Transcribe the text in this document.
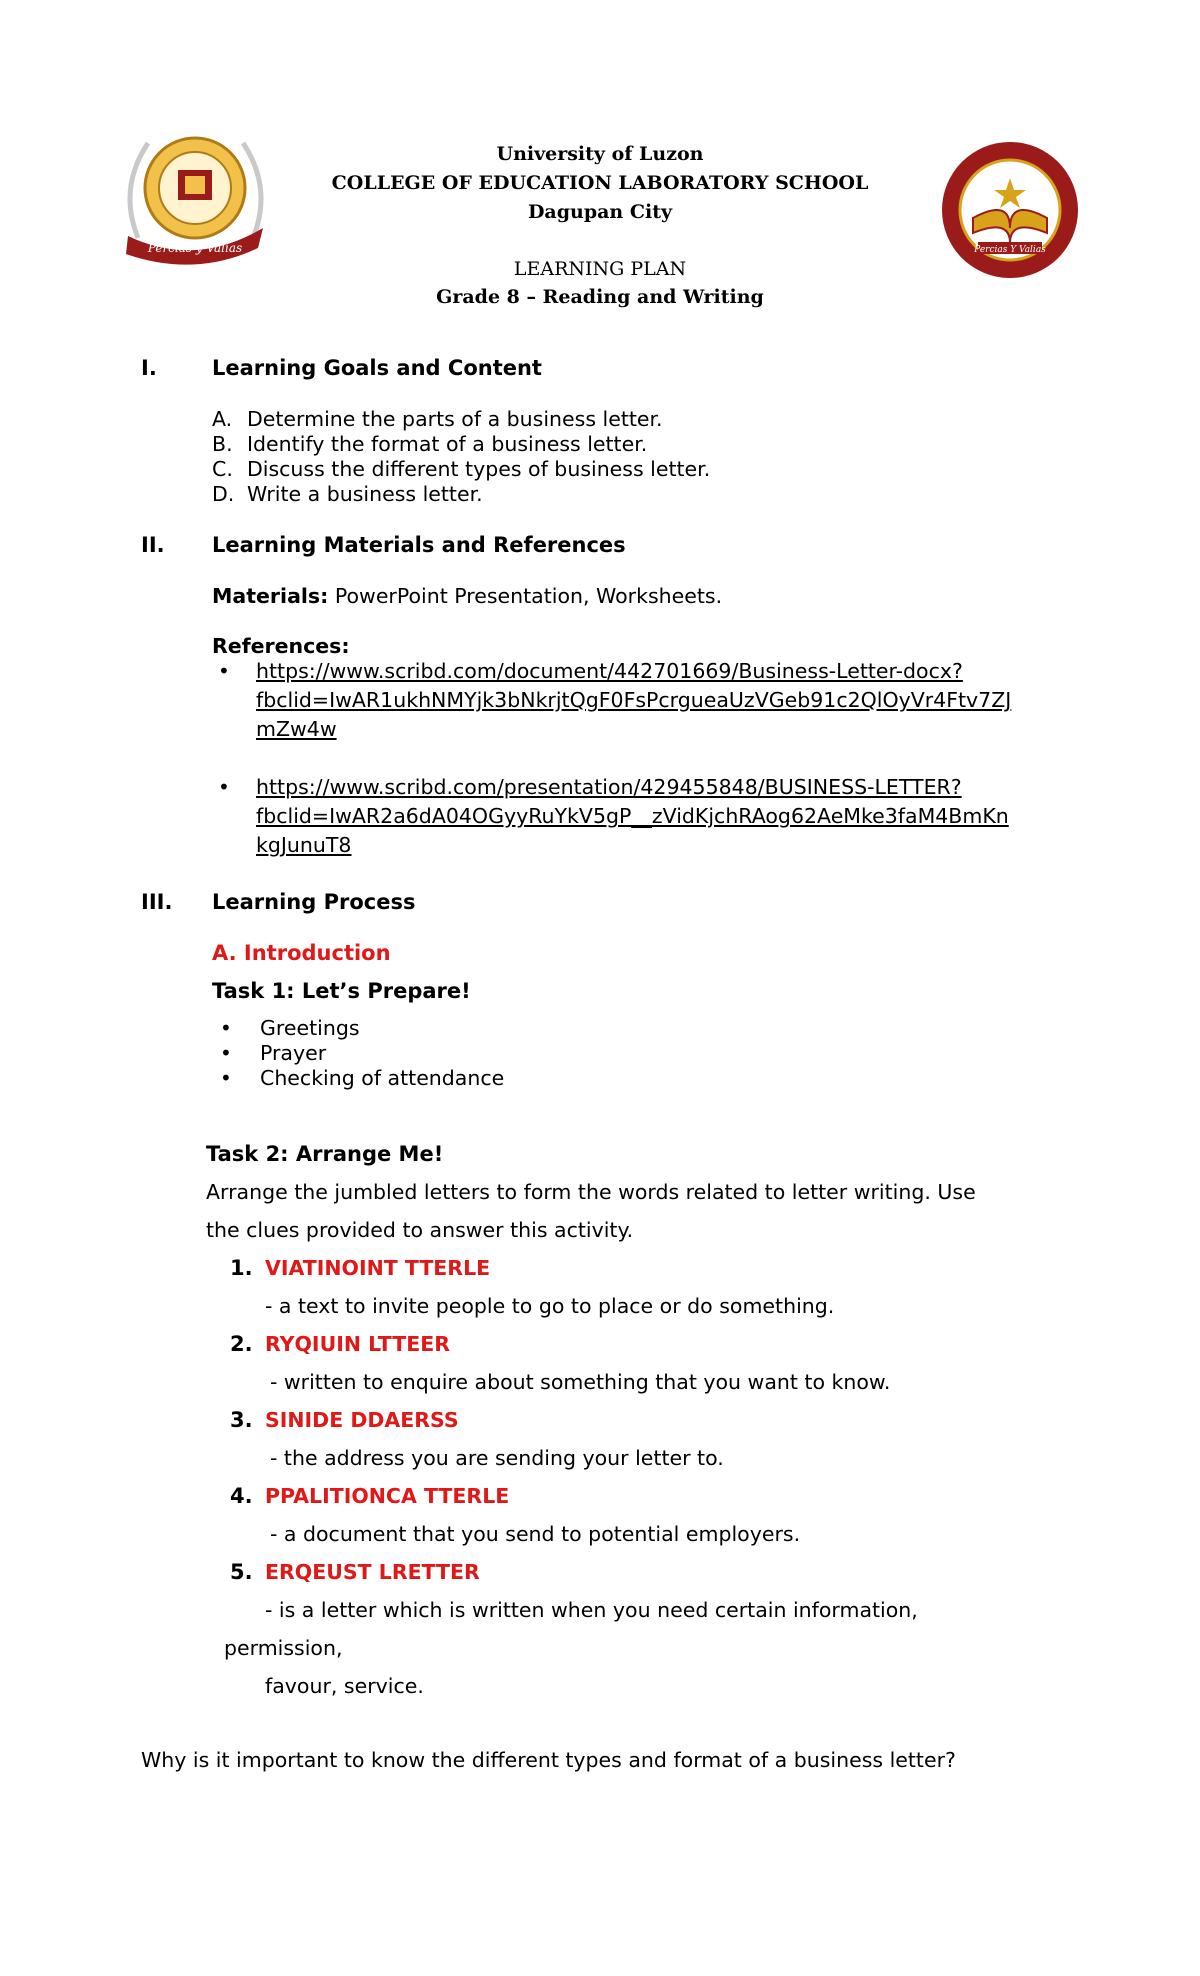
Percias y Valias	Percias Y Valias
University of Luzon
COLLEGE OF EDUCATION LABORATORY SCHOOL
Dagupan City
LEARNING PLAN
Grade 8 – Reading and Writing
I.	Learning Goals and Content
A. Determine the parts of a business letter.
B. Identify the format of a business letter.
C. Discuss the different types of business letter.
D. Write a business letter.
II. Learning Materials and References
Materials: PowerPoint Presentation, Worksheets.
References:
• https://www.scribd.com/document/442701669/Business-Letter-docx?
fbclid=IwAR1ukhNMYjk3bNkrjtQgF0FsPcrgueaUzVGeb91c2QlOyVr4Ftv7ZJ
mZw4w
• https://www.scribd.com/presentation/429455848/BUSINESS-LETTER?
fbclid=IwAR2a6dA04OGyyRuYkV5gP__zVidKjchRAog62AeMke3faM4BmKn
kgJunuT8
III. Learning Process
A. Introduction
Task 1: Let’s Prepare!
• Greetings
• Prayer
• Checking of attendance
Task 2: Arrange Me!
Arrange the jumbled letters to form the words related to letter writing. Use
the clues provided to answer this activity.
1. VIATINOINT TTERLE
- a text to invite people to go to place or do something.
2. RYQIUIN LTTEER
- written to enquire about something that you want to know.
3. SINIDE DDAERSS
- the address you are sending your letter to.
4. PPALITIONCA TTERLE
- a document that you send to potential employers.
5. ERQEUST LRETTER
- is a letter which is written when you need certain information,
permission,
favour, service.
Why is it important to know the different types and format of a business letter?
